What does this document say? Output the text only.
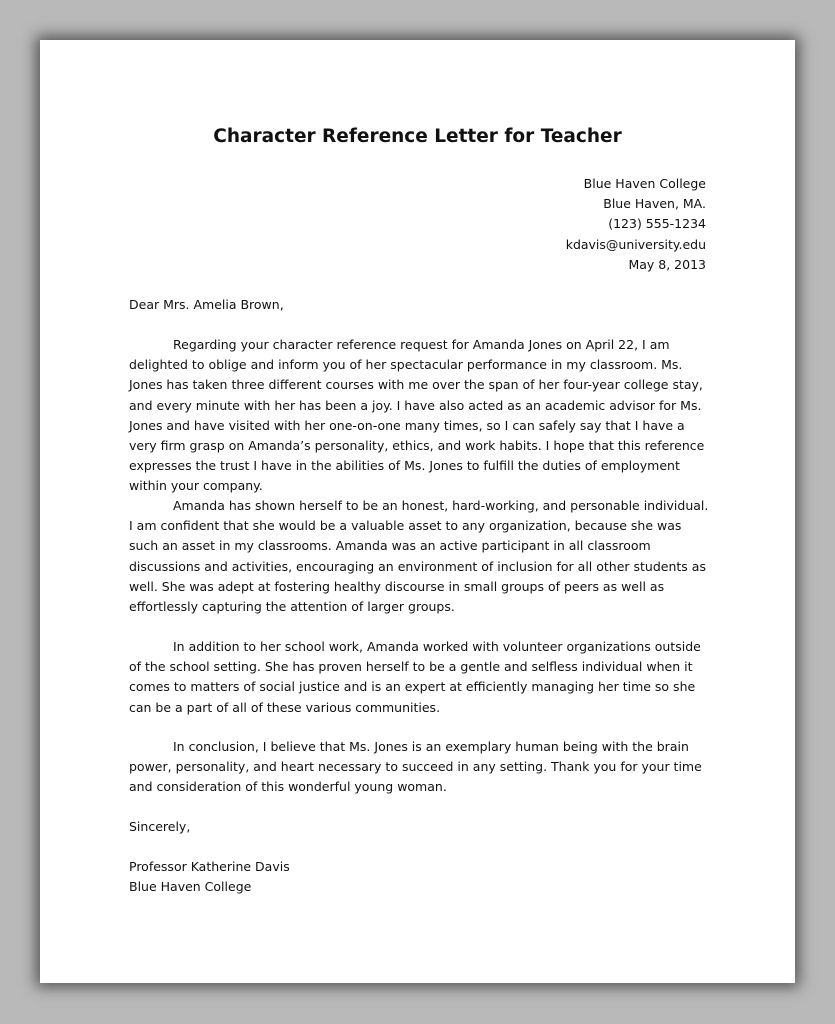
Character Reference Letter for Teacher
Blue Haven College
Blue Haven, MA.
(123) 555-1234
kdavis@university.edu
May 8, 2013

Dear Mrs. Amelia Brown,

Regarding your character reference request for Amanda Jones on April 22, I am delighted to oblige and inform you of her spectacular performance in my classroom. Ms. Jones has taken three different courses with me over the span of her four-year college stay, and every minute with her has been a joy. I have also acted as an academic advisor for Ms. Jones and have visited with her one-on-one many times, so I can safely say that I have a very firm grasp on Amanda’s personality, ethics, and work habits. I hope that this reference expresses the trust I have in the abilities of Ms. Jones to fulfill the duties of employment within your company.

Amanda has shown herself to be an honest, hard-working, and personable individual. I am confident that she would be a valuable asset to any organization, because she was such an asset in my classrooms. Amanda was an active participant in all classroom discussions and activities, encouraging an environment of inclusion for all other students as well. She was adept at fostering healthy discourse in small groups of peers as well as effortlessly capturing the attention of larger groups.

In addition to her school work, Amanda worked with volunteer organizations outside of the school setting. She has proven herself to be a gentle and selfless individual when it comes to matters of social justice and is an expert at efficiently managing her time so she can be a part of all of these various communities.

In conclusion, I believe that Ms. Jones is an exemplary human being with the brain power, personality, and heart necessary to succeed in any setting. Thank you for your time and consideration of this wonderful young woman.

Sincerely,

Professor Katherine Davis
Blue Haven College
